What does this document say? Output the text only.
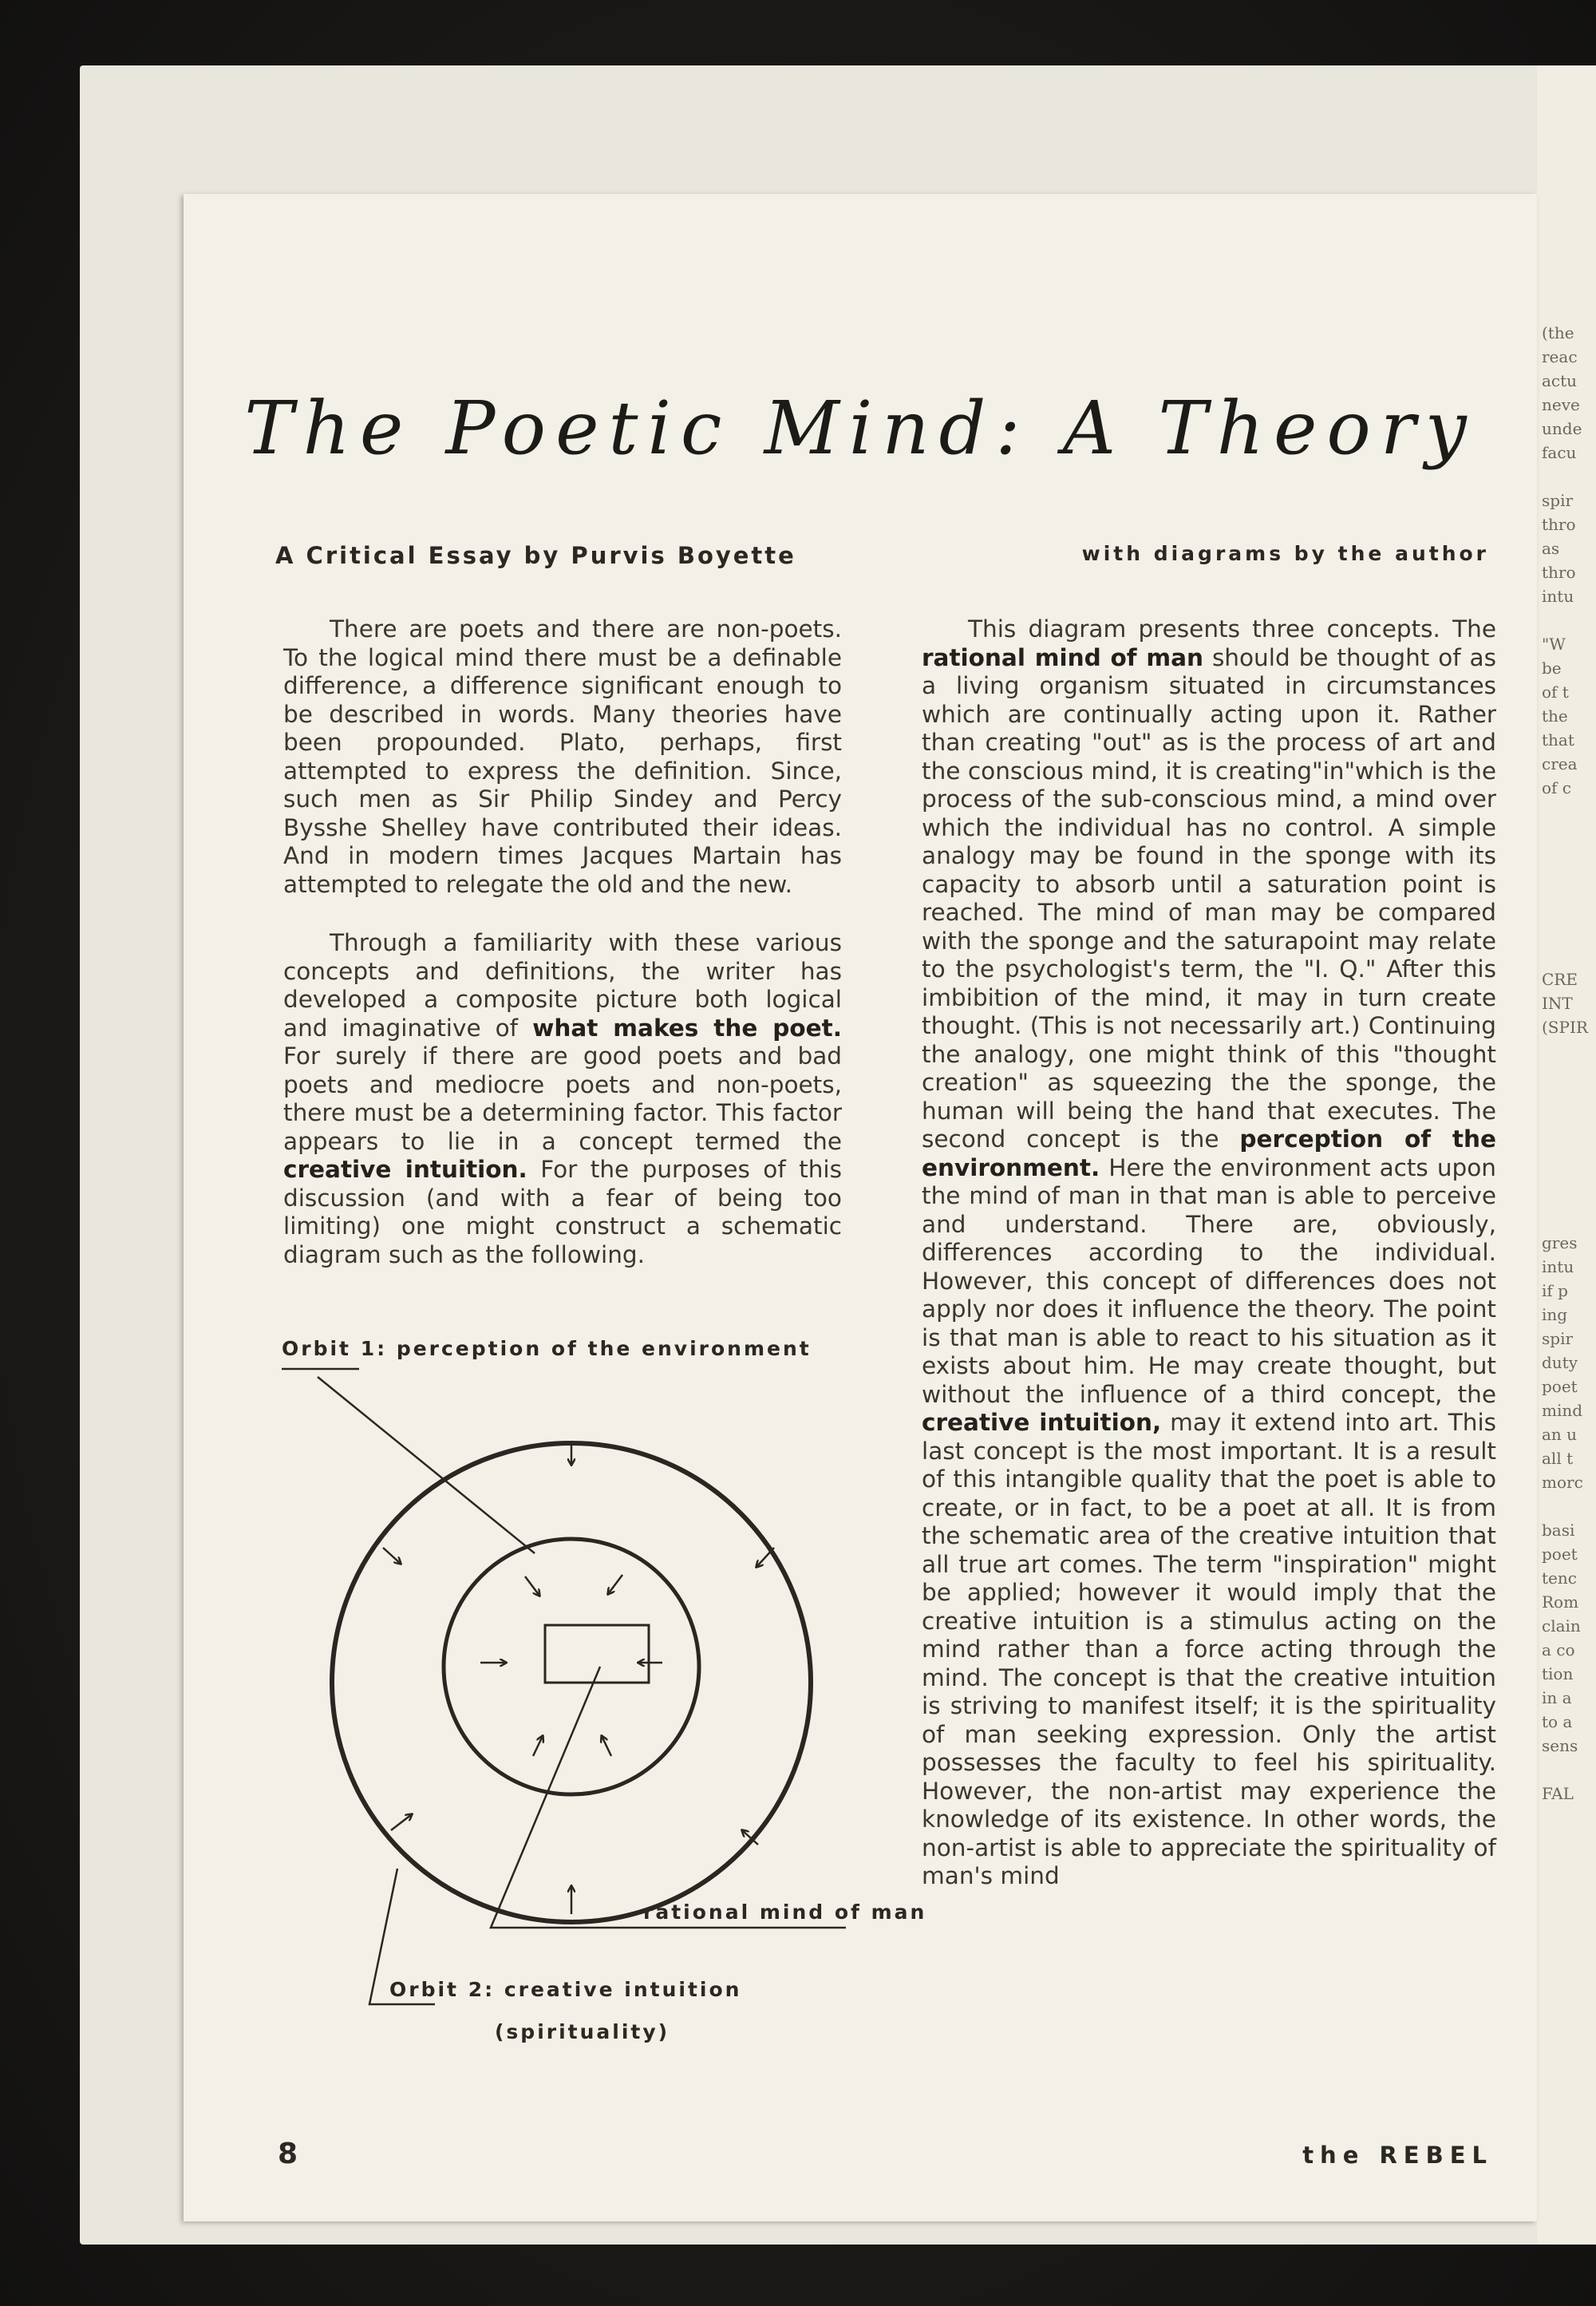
(the
reac
actu
neve
unde
facu

spir
thro
as
thro
intu

"W
be
of t
the
that
crea
of c

CRE
INT
(SPIR

gres
intu
if p
ing
spir
duty
poet
mind
an u
all t
morc

basi
poet
tenc
Rom
clain
a co
tion
in a
to a
sens

FAL
The Poetic Mind: A Theory
A Critical Essay by Purvis Boyette	with diagrams by the author

There are poets and there are non-poets. To the logical mind there must be a definable difference, a difference significant enough to be described in words. Many theories have been propounded. Plato, perhaps, first attempted to express the definition. Since, such men as Sir Philip Sindey and Percy Bysshe Shelley have contributed their ideas. And in modern times Jacques Martain has attempted to relegate the old and the new.

Through a familiarity with these various concepts and definitions, the writer has developed a composite picture both logical and imaginative of what makes the poet. For surely if there are good poets and bad poets and mediocre poets and non-poets, there must be a determining factor. This factor appears to lie in a concept termed the creative intuition. For the purposes of this discussion (and with a fear of being too limiting) one might construct a schematic diagram such as the following.

Orbit 1: perception of the environment
rational mind of man
Orbit 2: creative intuition
(spirituality)

This diagram presents three concepts. The rational mind of man should be thought of as a living organism situated in circumstances which are continually acting upon it. Rather than creating "out" as is the process of art and the conscious mind, it is creating"in"which is the process of the sub-conscious mind, a mind over which the individual has no control. A simple analogy may be found in the sponge with its capacity to absorb until a saturation point is reached. The mind of man may be compared with the sponge and the saturapoint may relate to the psychologist's term, the "I. Q." After this imbibition of the mind, it may in turn create thought. (This is not necessarily art.) Continuing the analogy, one might think of this "thought creation" as squeezing the the sponge, the human will being the hand that executes. The second concept is the perception of the environment. Here the environment acts upon the mind of man in that man is able to perceive and understand. There are, obviously, differences according to the individual. However, this concept of differences does not apply nor does it influence the theory. The point is that man is able to react to his situation as it exists about him. He may create thought, but without the influence of a third concept, the creative intuition, may it extend into art. This last concept is the most important. It is a result of this intangible quality that the poet is able to create, or in fact, to be a poet at all. It is from the schematic area of the creative intuition that all true art comes. The term "inspiration" might be applied; however it would imply that the creative intuition is a stimulus acting on the mind rather than a force acting through the mind. The concept is that the creative intuition is striving to manifest itself; it is the spirituality of man seeking expression. Only the artist possesses the faculty to feel his spirituality. However, the non-artist may experience the knowledge of its existence. In other words, the non-artist is able to appreciate the spirituality of man's mind

8	the REBEL
